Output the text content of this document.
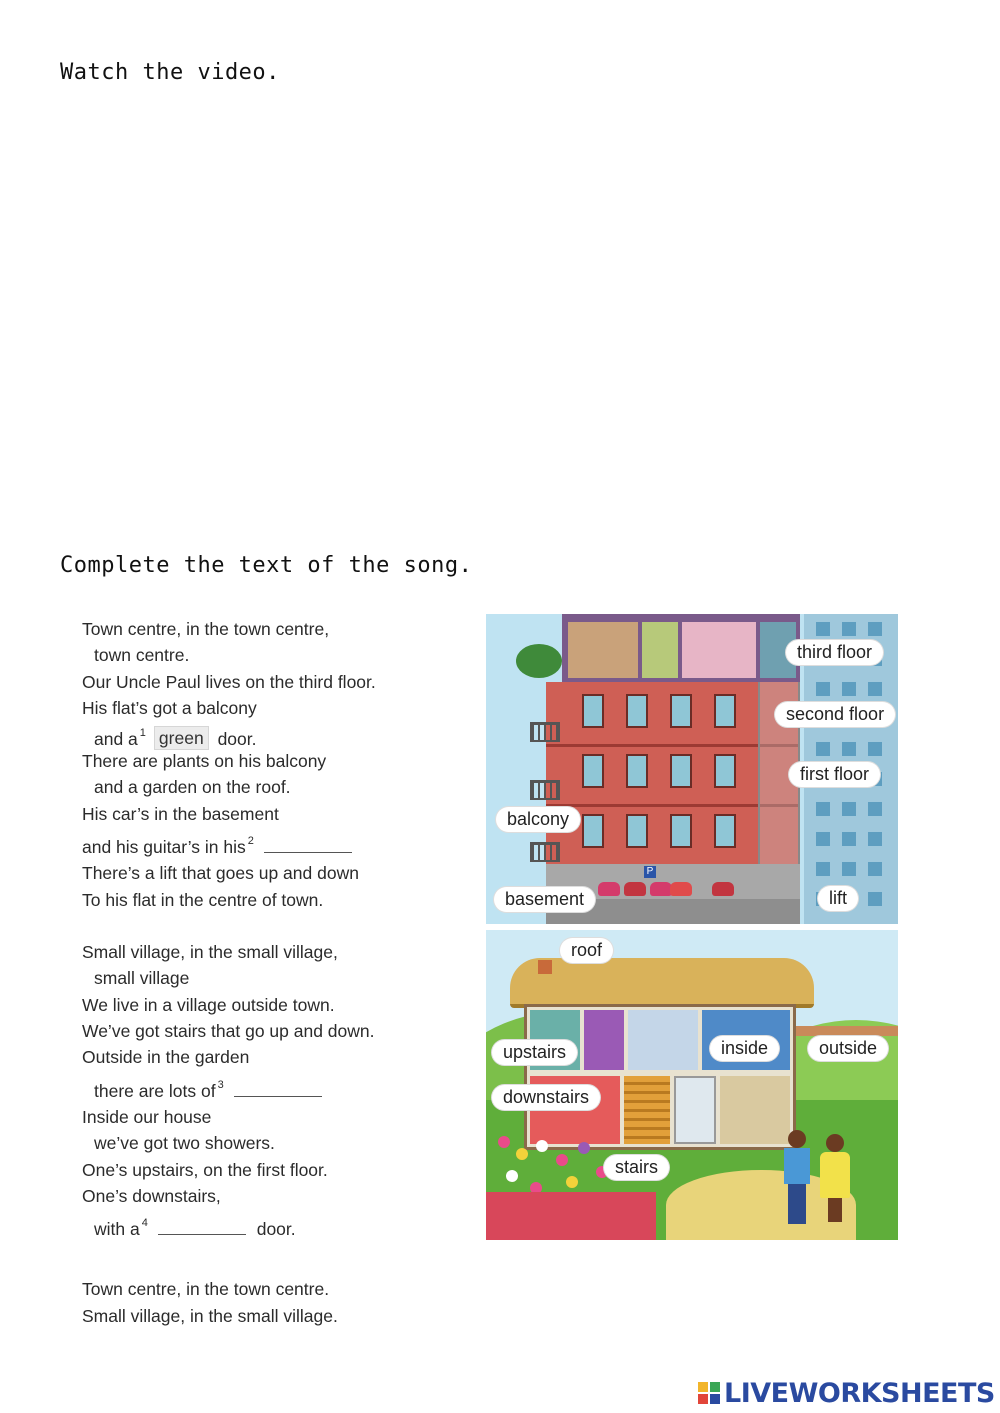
Watch the video.
Complete the text of the song.
Town centre, in the town centre,
town centre.
Our Uncle Paul lives on the third floor.
His flat’s got a balcony
and a $^1$ green door.
There are plants on his balcony
and a garden on the roof.
His car’s in the basement
and his guitar’s in his $^2$
There’s a lift that goes up and down
To his flat in the centre of town.
Small village, in the small village,
small village
We live in a village outside town.
We’ve got stairs that go up and down.
Outside in the garden
there are lots of $^3$
Inside our house
we’ve got two showers.
One’s upstairs, on the first floor.
One’s downstairs,
with a $^4$	door.
Town centre, in the town centre.
Small village, in the small village.
P
third floor
second floor
first floor
balcony
basement	lift
roof
upstairs	inside	outside
downstairs
stairs
LIVEWORKSHEETS
